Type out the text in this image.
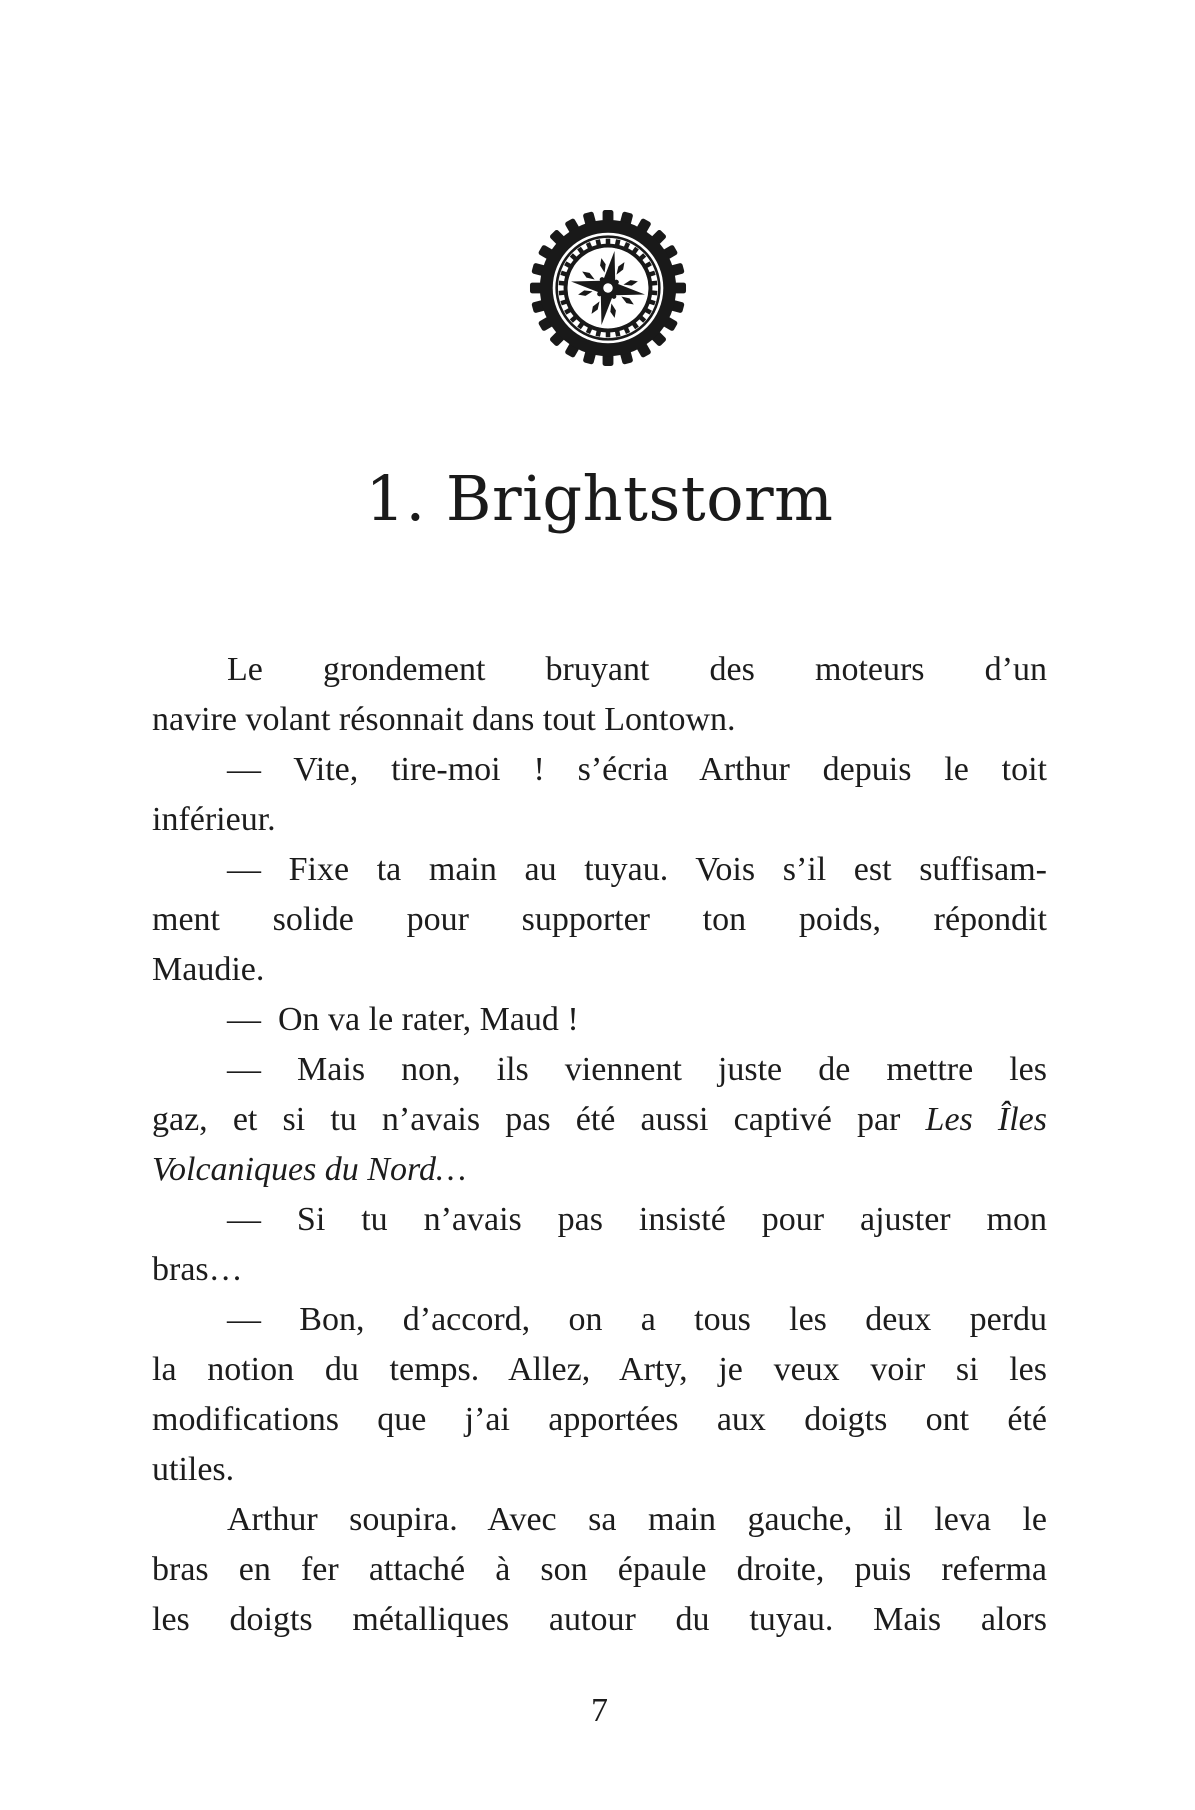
1. Brightstorm
Le grondement bruyant des moteurs d’un
navire volant résonnait dans tout Lontown.
— Vite, tire-moi ! s’écria Arthur depuis le toit
inférieur.
— Fixe ta main au tuyau. Vois s’il est suffisam-
ment solide pour supporter ton poids, répondit
Maudie.
— On va le rater, Maud !
— Mais non, ils viennent juste de mettre les
gaz, et si tu n’avais pas été aussi captivé par Les Îles
Volcaniques du Nord…
— Si tu n’avais pas insisté pour ajuster mon
bras…
— Bon, d’accord, on a tous les deux perdu
la notion du temps. Allez, Arty, je veux voir si les
modifications que j’ai apportées aux doigts ont été
utiles.
Arthur soupira. Avec sa main gauche, il leva le
bras en fer attaché à son épaule droite, puis referma
les doigts métalliques autour du tuyau. Mais alors
7
